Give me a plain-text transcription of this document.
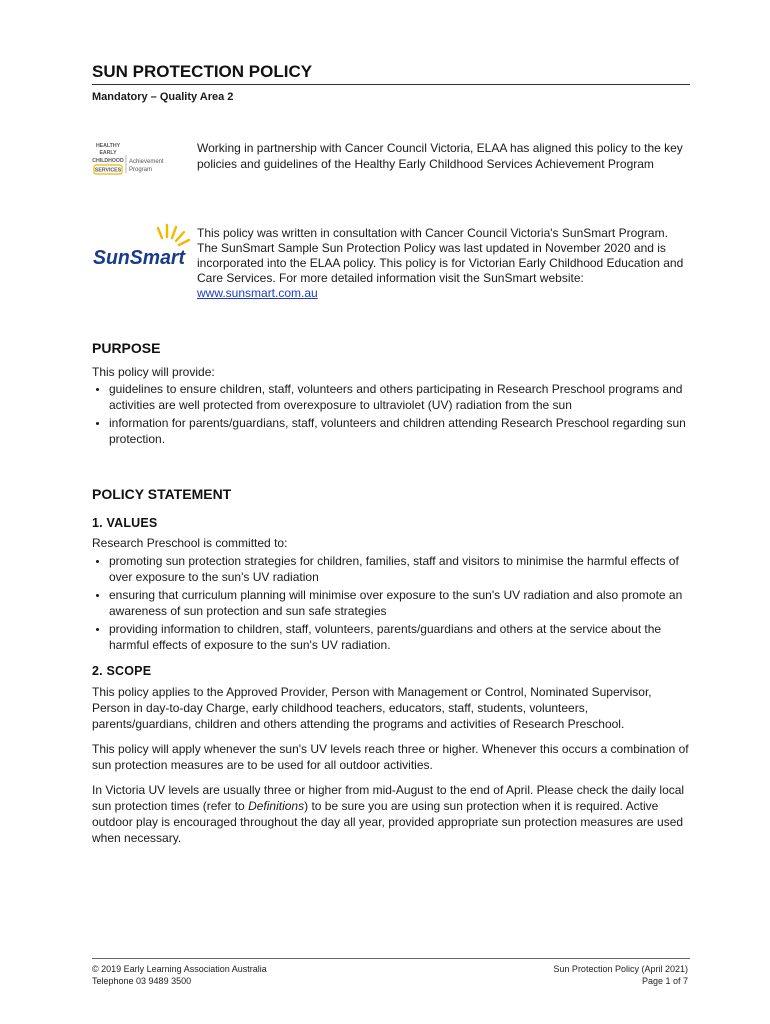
SUN PROTECTION POLICY
Mandatory – Quality Area 2
HEALTHY
EARLY
CHILDHOOD
SERVICES
Achievement
Program
Working in partnership with Cancer Council Victoria, ELAA has aligned this policy to the key policies and guidelines of the Healthy Early Childhood Services Achievement Program
SunSmart
This policy was written in consultation with Cancer Council Victoria's SunSmart Program. The SunSmart Sample Sun Protection Policy was last updated in November 2020 and is incorporated into the ELAA policy. This policy is for Victorian Early Childhood Education and Care Services. For more detailed information visit the SunSmart website: www.sunsmart.com.au
PURPOSE

This policy will provide:

• guidelines to ensure children, staff, volunteers and others participating in Research Preschool programs and activities are well protected from overexposure to ultraviolet (UV) radiation from the sun
• information for parents/guardians, staff, volunteers and children attending Research Preschool regarding sun protection.
POLICY STATEMENT
1. VALUES

Research Preschool is committed to:

• promoting sun protection strategies for children, families, staff and visitors to minimise the harmful effects of over exposure to the sun's UV radiation
• ensuring that curriculum planning will minimise over exposure to the sun's UV radiation and also promote an awareness of sun protection and sun safe strategies
• providing information to children, staff, volunteers, parents/guardians and others at the service about the harmful effects of exposure to the sun's UV radiation.
2. SCOPE

This policy applies to the Approved Provider, Person with Management or Control, Nominated Supervisor, Person in day-to-day Charge, early childhood teachers, educators, staff, students, volunteers, parents/guardians, children and others attending the programs and activities of Research Preschool.

This policy will apply whenever the sun's UV levels reach three or higher. Whenever this occurs a combination of sun protection measures are to be used for all outdoor activities.

In Victoria UV levels are usually three or higher from mid-August to the end of April. Please check the daily local sun protection times (refer to Definitions) to be sure you are using sun protection when it is required. Active outdoor play is encouraged throughout the day all year, provided appropriate sun protection measures are used when necessary.

© 2019 Early Learning Association Australia
Telephone 03 9489 3500
Sun Protection Policy (April 2021)
Page 1 of 7
